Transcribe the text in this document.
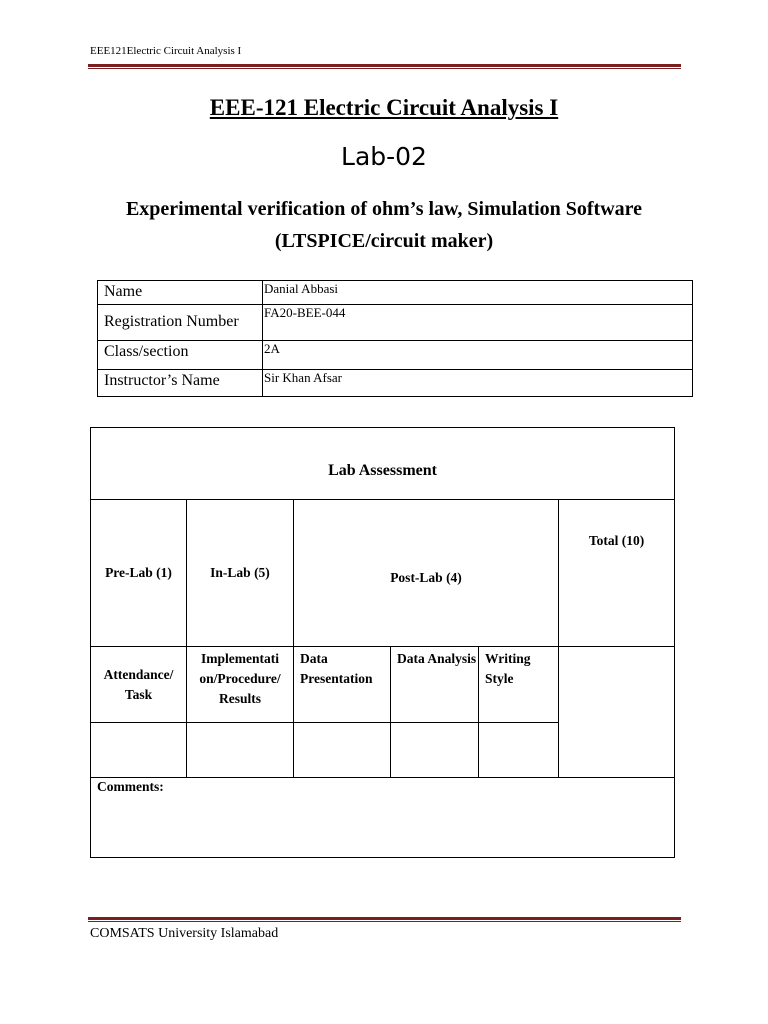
EEE121Electric Circuit Analysis I
EEE-121 Electric Circuit Analysis I
Lab-02
Experimental verification of ohm’s law, Simulation Software
(LTSPICE/circuit maker)
Name	Danial Abbasi
Registration Number	FA20-BEE-044
Class/section	2A
Instructor’s Name	Sir Khan Afsar
Lab Assessment					
Pre-Lab (1)	In-Lab (5)	Post-Lab (4)			Total (10)
Attendance/ Task	Implementati on/Procedure/ Results	Data Presentation	Data Analysis	Writing Style	

Comments:					
COMSATS University Islamabad
